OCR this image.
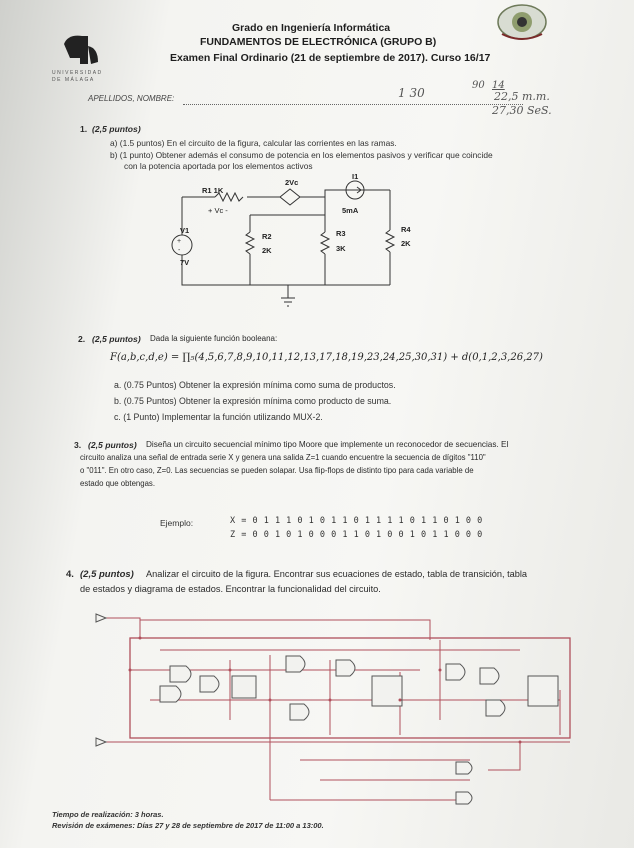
UNIVERSIDAD DE MÁLAGA
Grado en Ingeniería Informática
FUNDAMENTOS DE ELECTRÓNICA (GRUPO B)
Examen Final Ordinario (21 de septiembre de 2017). Curso 16/17
APELLIDOS, NOMBRE:	1 30
90 14
22,5 m.m.
27,30 SeS.
1. (2,5 puntos)
a) (1.5 puntos) En el circuito de la figura, calcular las corrientes en las ramas.
b) (1 punto) Obtener además el consumo de potencia en los elementos pasivos y verificar que coincide
con la potencia aportada por los elementos activos
+
-
R1 1K
+ Vc -
2Vc
I1
5mA
V1
7V
R2
2K
R3
3K
R4
2K
2. (2,5 puntos) Dada la siguiente función booleana:
F(a,b,c,d,e) = ∏₅(4,5,6,7,8,9,10,11,12,13,17,18,19,23,24,25,30,31) + d(0,1,2,3,26,27)
a. (0.75 Puntos) Obtener la expresión mínima como suma de productos.
b. (0.75 Puntos) Obtener la expresión mínima como producto de suma.
c. (1 Punto) Implementar la función utilizando MUX-2.
3. (2,5 puntos) Diseña un circuito secuencial mínimo tipo Moore que implemente un reconocedor de secuencias. El
circuito analiza una señal de entrada serie X y genera una salida Z=1 cuando encuentre la secuencia de dígitos "110"
o "011". En otro caso, Z=0. Las secuencias se pueden solapar. Usa flip-flops de distinto tipo para cada variable de
estado que obtengas.
Ejemplo:	X = 0 1 1 1 0 1 0 1 1 0 1 1 1 1 0 1 1 0 1 0 0
Z = 0 0 1 0 1 0 0 0 1 1 0 1 0 0 1 0 1 1 0 0 0
4. (2,5 puntos) Analizar el circuito de la figura. Encontrar sus ecuaciones de estado, tabla de transición, tabla
de estados y diagrama de estados. Encontrar la funcionalidad del circuito.
Tiempo de realización: 3 horas.
Revisión de exámenes: Días 27 y 28 de septiembre de 2017 de 11:00 a 13:00.
